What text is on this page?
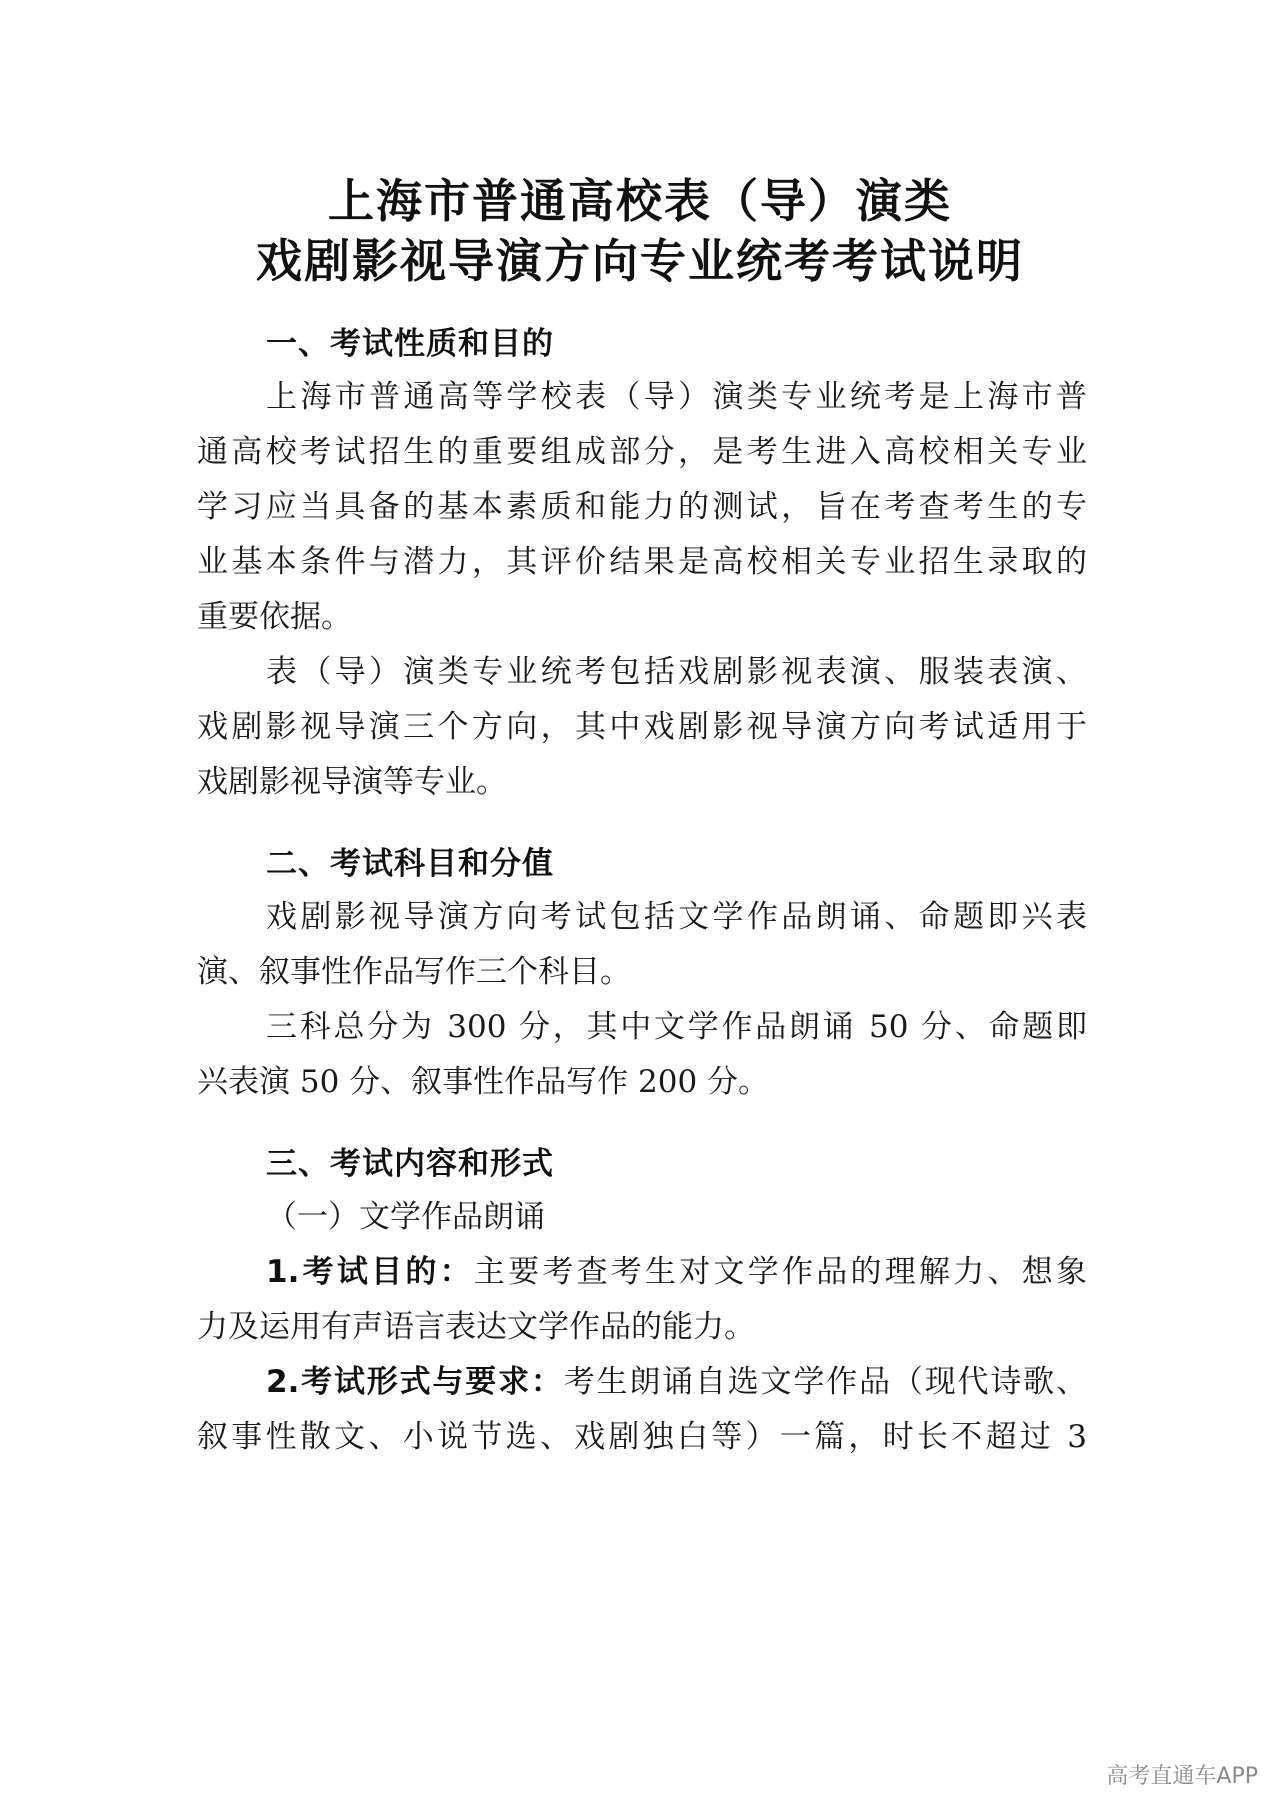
上海市普通高校表（导）演类
戏剧影视导演方向专业统考考试说明
一、考试性质和目的
上海市普通高等学校表（导）演类专业统考是上海市普
通高校考试招生的重要组成部分，是考生进入高校相关专业
学习应当具备的基本素质和能力的测试，旨在考查考生的专
业基本条件与潜力，其评价结果是高校相关专业招生录取的
重要依据。
表（导）演类专业统考包括戏剧影视表演、服装表演、
戏剧影视导演三个方向，其中戏剧影视导演方向考试适用于
戏剧影视导演等专业。
二、考试科目和分值
戏剧影视导演方向考试包括文学作品朗诵、命题即兴表
演、叙事性作品写作三个科目。
三科总分为 300 分，其中文学作品朗诵 50 分、命题即
兴表演 50 分、叙事性作品写作 200 分。
三、考试内容和形式
（一）文学作品朗诵
1.考试目的：主要考查考生对文学作品的理解力、想象
力及运用有声语言表达文学作品的能力。
2.考试形式与要求：考生朗诵自选文学作品（现代诗歌、
叙事性散文、小说节选、戏剧独白等）一篇，时长不超过 3
高考直通车APP
